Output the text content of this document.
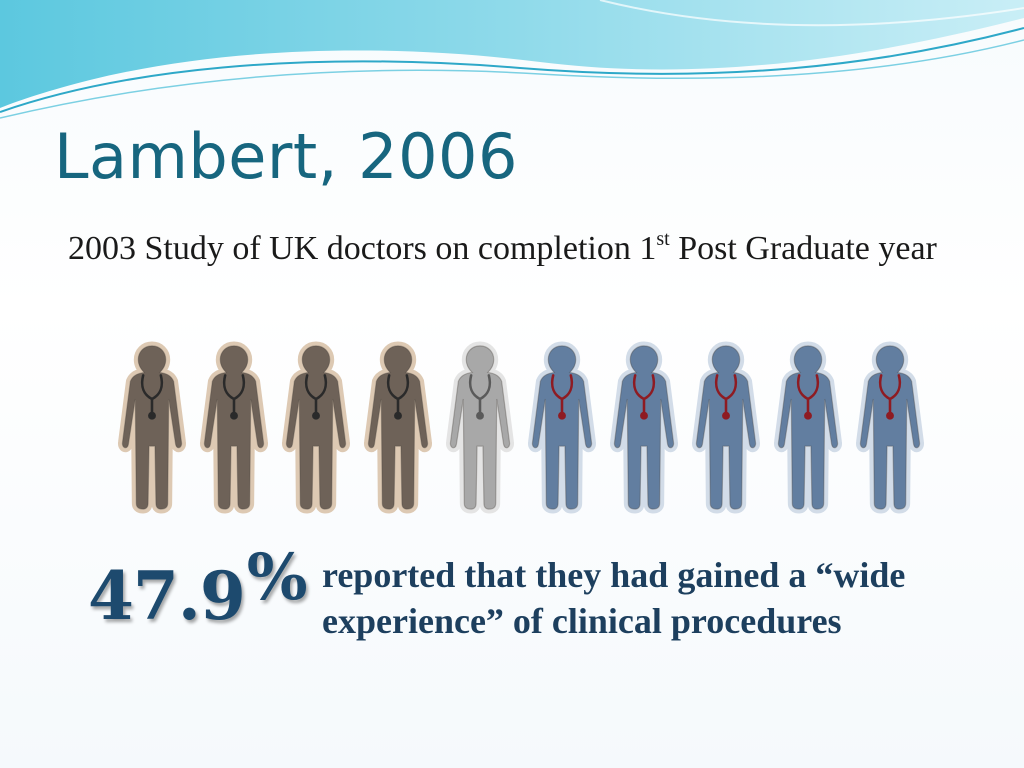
Lambert, 2006

2003 Study of UK doctors on completion 1st Post Graduate year

47.9% reported that they had gained a “wide experience” of clinical procedures
